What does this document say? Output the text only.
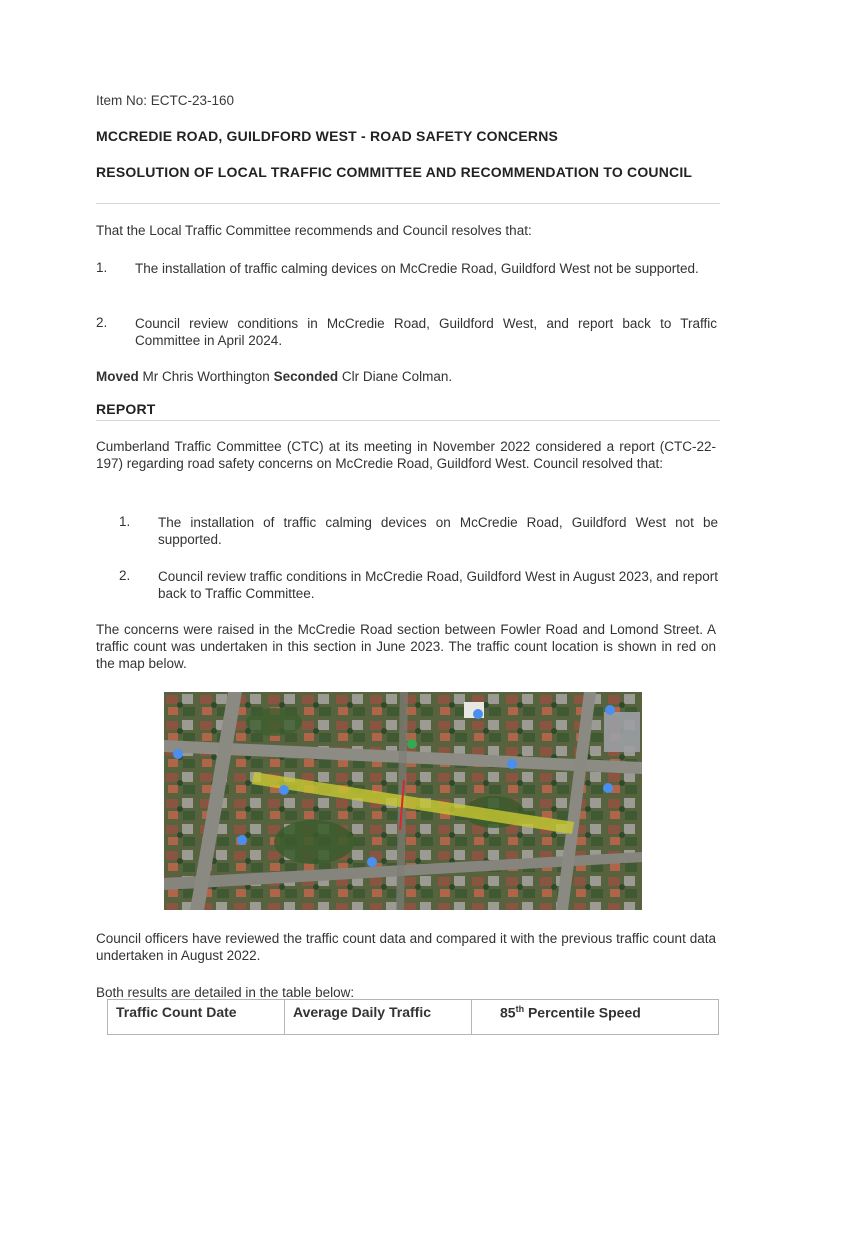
Item No: ECTC-23-160
MCCREDIE ROAD, GUILDFORD WEST - ROAD SAFETY CONCERNS
RESOLUTION OF LOCAL TRAFFIC COMMITTEE AND RECOMMENDATION TO COUNCIL
That the Local Traffic Committee recommends and Council resolves that:
1. The installation of traffic calming devices on McCredie Road, Guildford West not be supported.
2. Council review conditions in McCredie Road, Guildford West, and report back to Traffic Committee in April 2024.
Moved Mr Chris Worthington Seconded Clr Diane Colman.
REPORT
Cumberland Traffic Committee (CTC) at its meeting in November 2022 considered a report (CTC-22-197) regarding road safety concerns on McCredie Road, Guildford West. Council resolved that:
1. The installation of traffic calming devices on McCredie Road, Guildford West not be supported.
2. Council review traffic conditions in McCredie Road, Guildford West in August 2023, and report back to Traffic Committee.
The concerns were raised in the McCredie Road section between Fowler Road and Lomond Street. A traffic count was undertaken in this section in June 2023. The traffic count location is shown in red on the map below.
Council officers have reviewed the traffic count data and compared it with the previous traffic count data undertaken in August 2022.
Both results are detailed in the table below:
Traffic Count Date	Average Daily Traffic	85th Percentile Speed
